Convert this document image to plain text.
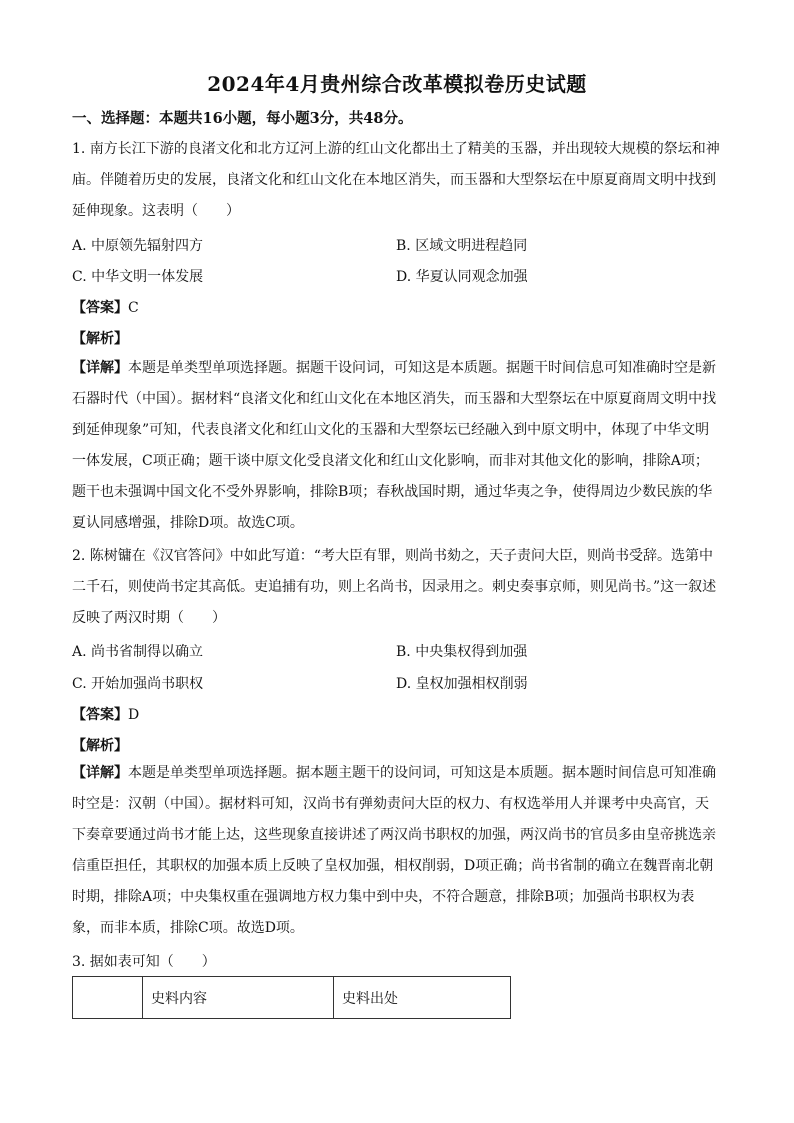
2024年4月贵州综合改革模拟卷历史试题
一、选择题：本题共16小题，每小题3分，共48分。

1. 南方长江下游的良渚文化和北方辽河上游的红山文化都出土了精美的玉器，并出现较大规模的祭坛和神庙。伴随着历史的发展，良渚文化和红山文化在本地区消失，而玉器和大型祭坛在中原夏商周文明中找到延伸现象。这表明（　　）

A. 中原领先辐射四方	B. 区域文明进程趋同
C. 中华文明一体发展	D. 华夏认同观念加强
【答案】C
【解析】

【详解】本题是单类型单项选择题。据题干设问词，可知这是本质题。据题干时间信息可知准确时空是新石器时代（中国）。据材料“良渚文化和红山文化在本地区消失，而玉器和大型祭坛在中原夏商周文明中找到延伸现象”可知，代表良渚文化和红山文化的玉器和大型祭坛已经融入到中原文明中，体现了中华文明一体发展，C项正确；题干谈中原文化受良渚文化和红山文化影响，而非对其他文化的影响，排除A项；题干也未强调中国文化不受外界影响，排除B项；春秋战国时期，通过华夷之争，使得周边少数民族的华夏认同感增强，排除D项。故选C项。

2. 陈树镛在《汉官答问》中如此写道：“考大臣有罪，则尚书劾之，天子责问大臣，则尚书受辞。选第中二千石，则使尚书定其高低。吏追捕有功，则上名尚书，因录用之。刺史奏事京师，则见尚书。”这一叙述反映了两汉时期（　　）

A. 尚书省制得以确立	B. 中央集权得到加强
C. 开始加强尚书职权	D. 皇权加强相权削弱
【答案】D
【解析】

【详解】本题是单类型单项选择题。据本题主题干的设问词，可知这是本质题。据本题时间信息可知准确时空是：汉朝（中国）。据材料可知，汉尚书有弹劾责问大臣的权力、有权选举用人并课考中央高官，天下奏章要通过尚书才能上达，这些现象直接讲述了两汉尚书职权的加强，两汉尚书的官员多由皇帝挑选亲信重臣担任，其职权的加强本质上反映了皇权加强，相权削弱，D项正确；尚书省制的确立在魏晋南北朝时期，排除A项；中央集权重在强调地方权力集中到中央，不符合题意，排除B项；加强尚书职权为表象，而非本质，排除C项。故选D项。

3. 据如表可知（　　）
	史料内容	史料出处
